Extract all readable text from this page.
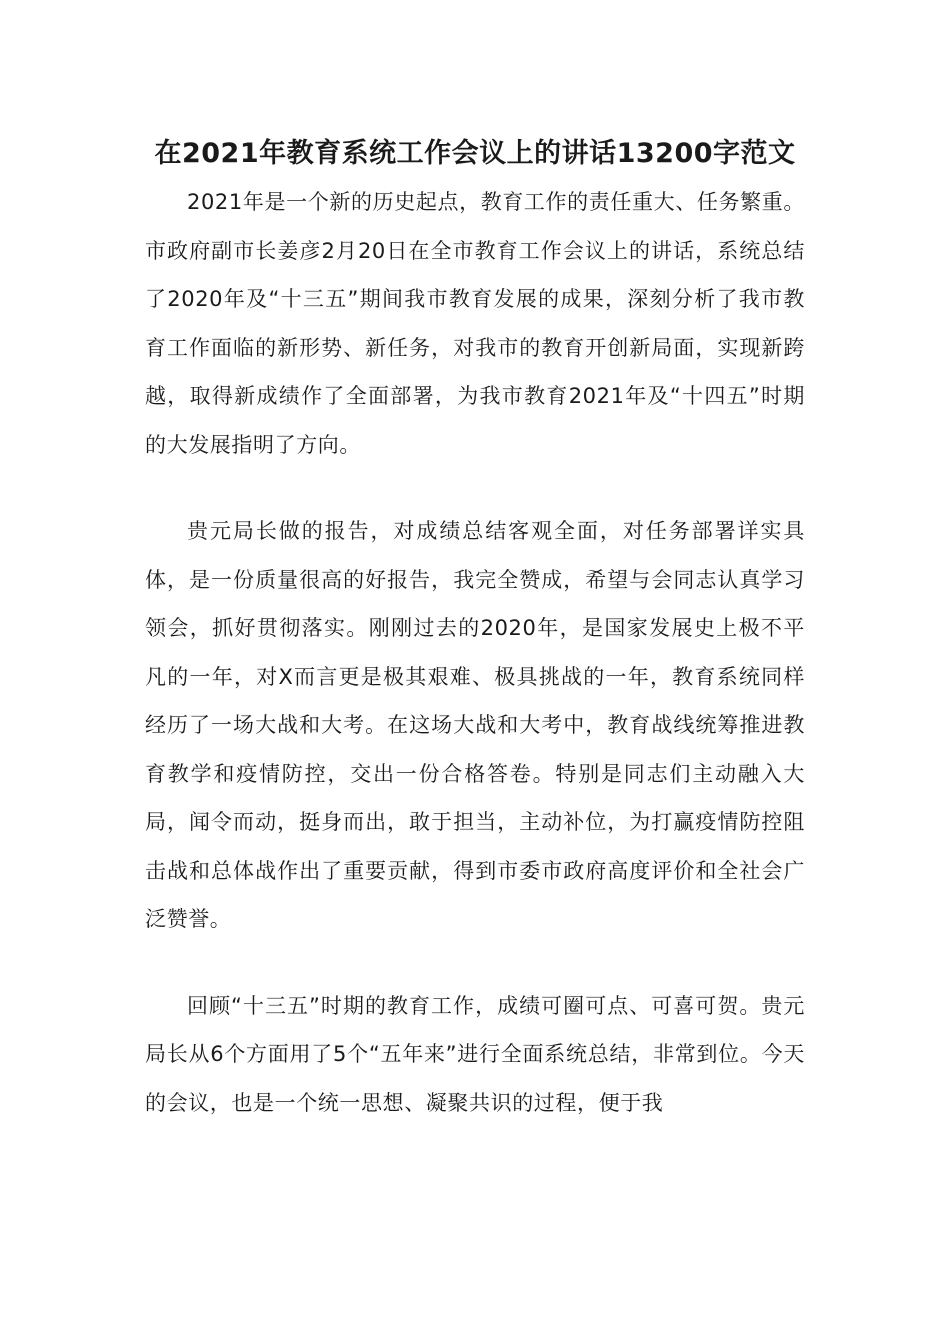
在2021年教育系统工作会议上的讲话13200字范文

2021年是一个新的历史起点，教育工作的责任重大、任务繁重。市政府副市长姜彦2月20日在全市教育工作会议上的讲话，系统总结了2020年及“十三五”期间我市教育发展的成果，深刻分析了我市教育工作面临的新形势、新任务，对我市的教育开创新局面，实现新跨越，取得新成绩作了全面部署，为我市教育2021年及“十四五”时期的大发展指明了方向。

贵元局长做的报告，对成绩总结客观全面，对任务部署详实具体，是一份质量很高的好报告，我完全赞成，希望与会同志认真学习领会，抓好贯彻落实。刚刚过去的2020年，是国家发展史上极不平凡的一年，对X而言更是极其艰难、极具挑战的一年，教育系统同样经历了一场大战和大考。在这场大战和大考中，教育战线统筹推进教育教学和疫情防控，交出一份合格答卷。特别是同志们主动融入大局，闻令而动，挺身而出，敢于担当，主动补位，为打赢疫情防控阻击战和总体战作出了重要贡献，得到市委市政府高度评价和全社会广泛赞誉。

回顾“十三五”时期的教育工作，成绩可圈可点、可喜可贺。贵元局长从6个方面用了5个“五年来”进行全面系统总结，非常到位。今天的会议，也是一个统一思想、凝聚共识的过程，便于我
